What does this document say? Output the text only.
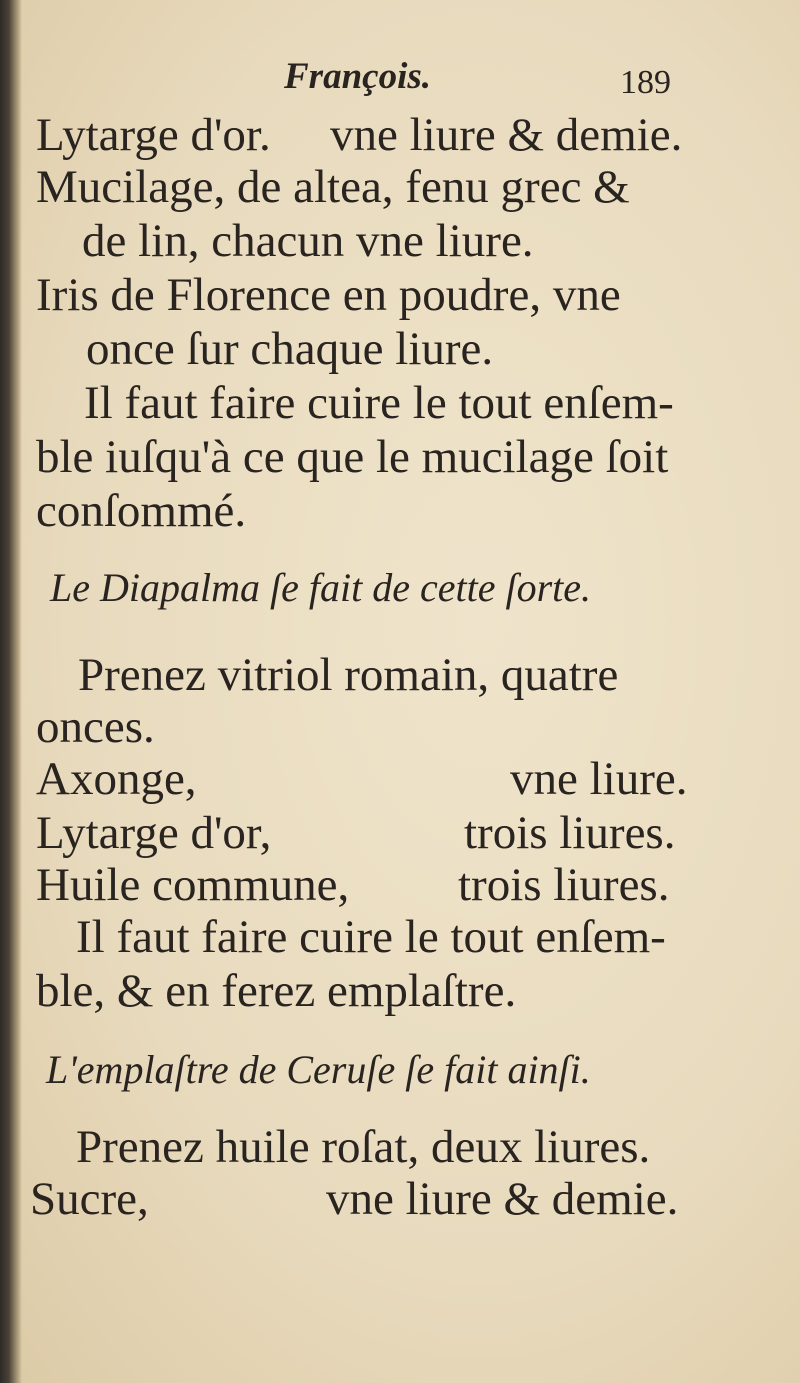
François.	189
Lytarge d'or. vne liure & demie.
Mucilage, de altea, fenu grec &
de lin, chacun vne liure.
Iris de Florence en poudre, vne
once ſur chaque liure.
Il faut faire cuire le tout enſem-
ble iuſqu'à ce que le mucilage ſoit
conſommé.
Le Diapalma ſe fait de cette ſorte.
Prenez vitriol romain, quatre
onces.
Axonge,	vne liure.
Lytarge d'or,	trois liures.
Huile commune, trois liures.
Il faut faire cuire le tout enſem-
ble, & en ferez emplaſtre.
L'emplaſtre de Ceruſe ſe fait ainſi.
Prenez huile roſat, deux liures.
Sucre,	vne liure & demie.
